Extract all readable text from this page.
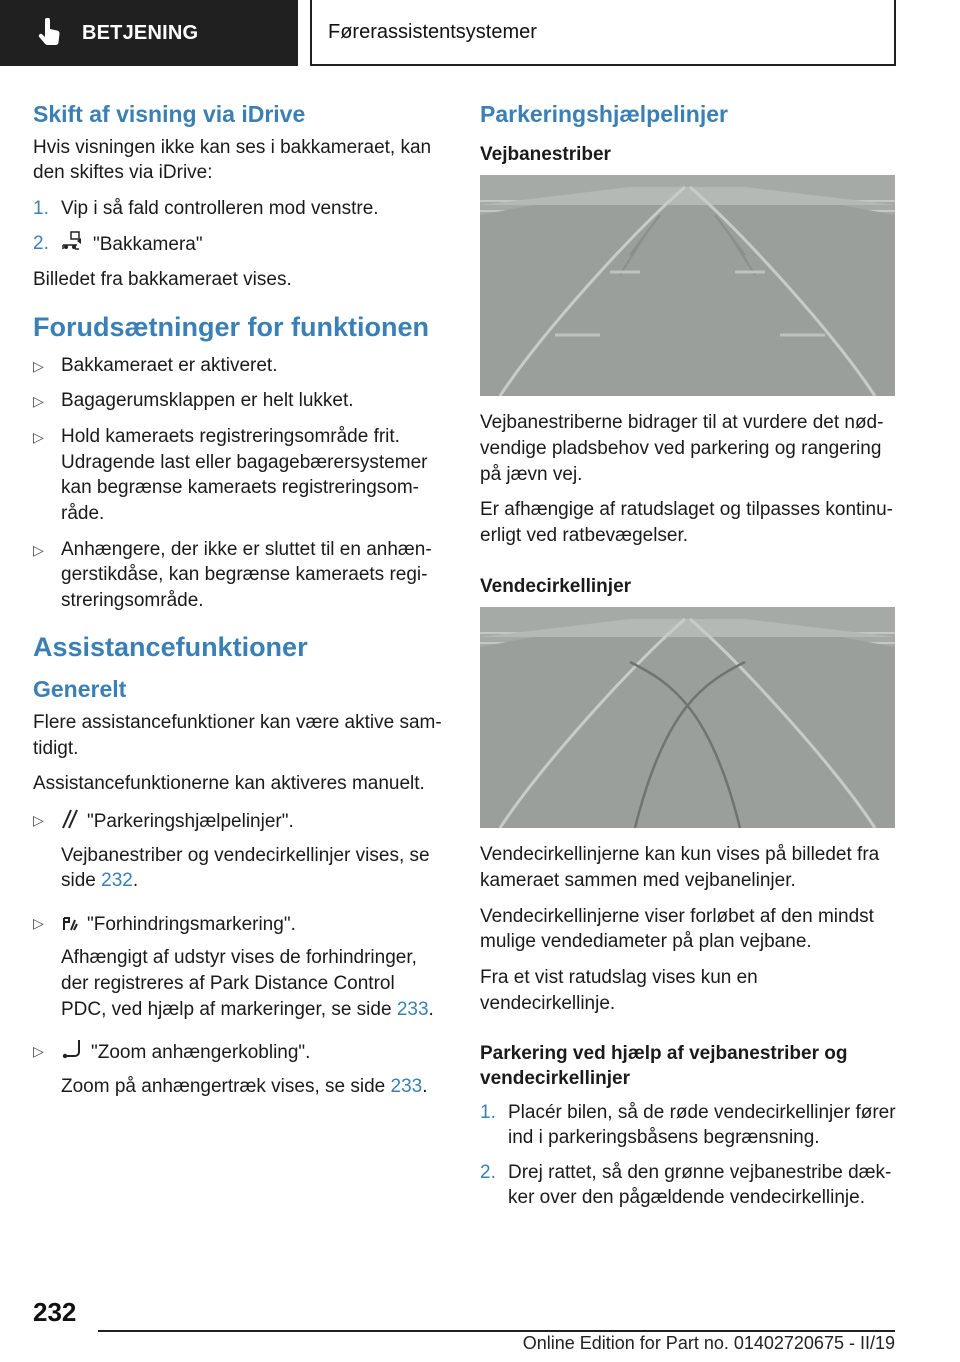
BETJENING	Førerassistentsystemer
Skift af visning via iDrive

Hvis visningen ikke kan ses i bakkameraet, kan den skiftes via iDrive:

1. Vip i så fald controlleren mod venstre.
2.	"Bakkamera"

Billedet fra bakkameraet vises.

Forudsætninger for funktionen
▷ Bakkameraet er aktiveret.
▷ Bagagerumsklappen er helt lukket.
▷ Hold kameraets registreringsområde frit. Udragende last eller bagagebærersystemer kan begrænse kameraets registreringsom‐ råde.
▷ Anhængere, der ikke er sluttet til en anhæn‐ gerstikdåse, kan begrænse kameraets regi‐ streringsområde.
Assistancefunktioner
Generelt

Flere assistancefunktioner kan være aktive sam‐ tidigt.

Assistancefunktionerne kan aktiveres manuelt.

▷	"Parkeringshjælpelinjer".

Vejbanestriber og vendecirkellinjer vises, se side 232.

▷	"Forhindringsmarkering".

Afhængigt af udstyr vises de forhindringer, der registreres af Park Distance Control PDC, ved hjælp af markeringer, se side 233.

▷	"Zoom anhængerkobling".

Zoom på anhængertræk vises, se side 233.

Parkeringshjælpelinjer
Vejbanestriber

Vejbanestriberne bidrager til at vurdere det nød‐ vendige pladsbehov ved parkering og rangering på jævn vej.

Er afhængige af ratudslaget og tilpasses kontinu‐ erligt ved ratbevægelser.

Vendecirkellinjer

Vendecirkellinjerne kan kun vises på billedet fra kameraet sammen med vejbanelinjer.

Vendecirkellinjerne viser forløbet af den mindst mulige vendediameter på plan vejbane.

Fra et vist ratudslag vises kun en vendecirkellinje.

Parkering ved hjælp af vejbanestriber og vendecirkellinjer
1. Placér bilen, så de røde vendecirkellinjer fører ind i parkeringsbåsens begrænsning.
2. Drej rattet, så den grønne vejbanestribe dæk‐ ker over den pågældende vendecirkellinje.
232
Online Edition for Part no. 01402720675 - II/19
